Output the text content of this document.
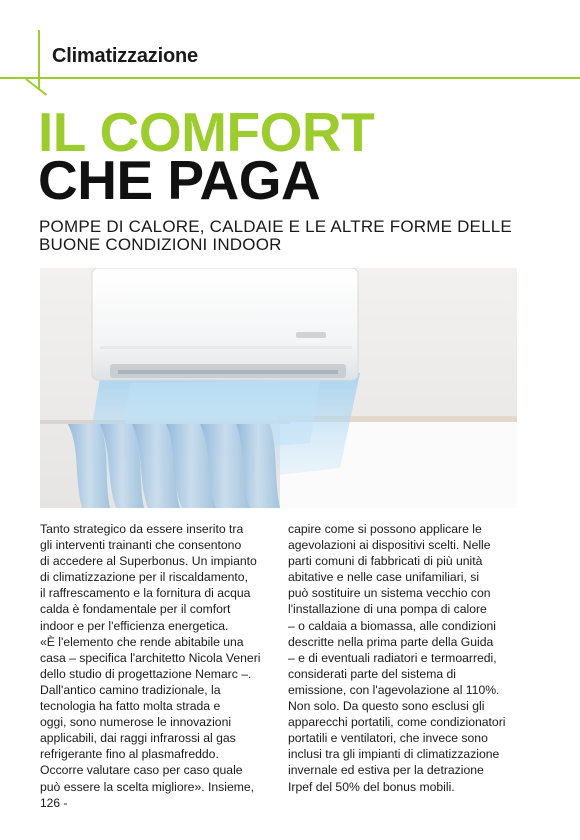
Climatizzazione
IL COMFORT
CHE PAGA
POMPE DI CALORE, CALDAIE E LE ALTRE FORME DELLE
BUONE CONDIZIONI INDOOR
Tanto strategico da essere inserito tra
gli interventi trainanti che consentono
di accedere al Superbonus. Un impianto
di climatizzazione per il riscaldamento,
il raffrescamento e la fornitura di acqua
calda è fondamentale per il comfort
indoor e per l'efficienza energetica.
«È l'elemento che rende abitabile una
casa – specifica l'architetto Nicola Veneri
dello studio di progettazione Nemarc –.
Dall'antico camino tradizionale, la
tecnologia ha fatto molta strada e
oggi, sono numerose le innovazioni
applicabili, dai raggi infrarossi al gas
refrigerante fino al plasmafreddo.
Occorre valutare caso per caso quale
può essere la scelta migliore». Insieme,
capire come si possono applicare le
agevolazioni ai dispositivi scelti. Nelle
parti comuni di fabbricati di più unità
abitative e nelle case unifamiliari, si
può sostituire un sistema vecchio con
l'installazione di una pompa di calore
– o caldaia a biomassa, alle condizioni
descritte nella prima parte della Guida
– e di eventuali radiatori e termoarredi,
considerati parte del sistema di
emissione, con l'agevolazione al 110%.
Non solo. Da questo sono esclusi gli
apparecchi portatili, come condizionatori
portatili e ventilatori, che invece sono
inclusi tra gli impianti di climatizzazione
invernale ed estiva per la detrazione
Irpef del 50% del bonus mobili.
126 -
